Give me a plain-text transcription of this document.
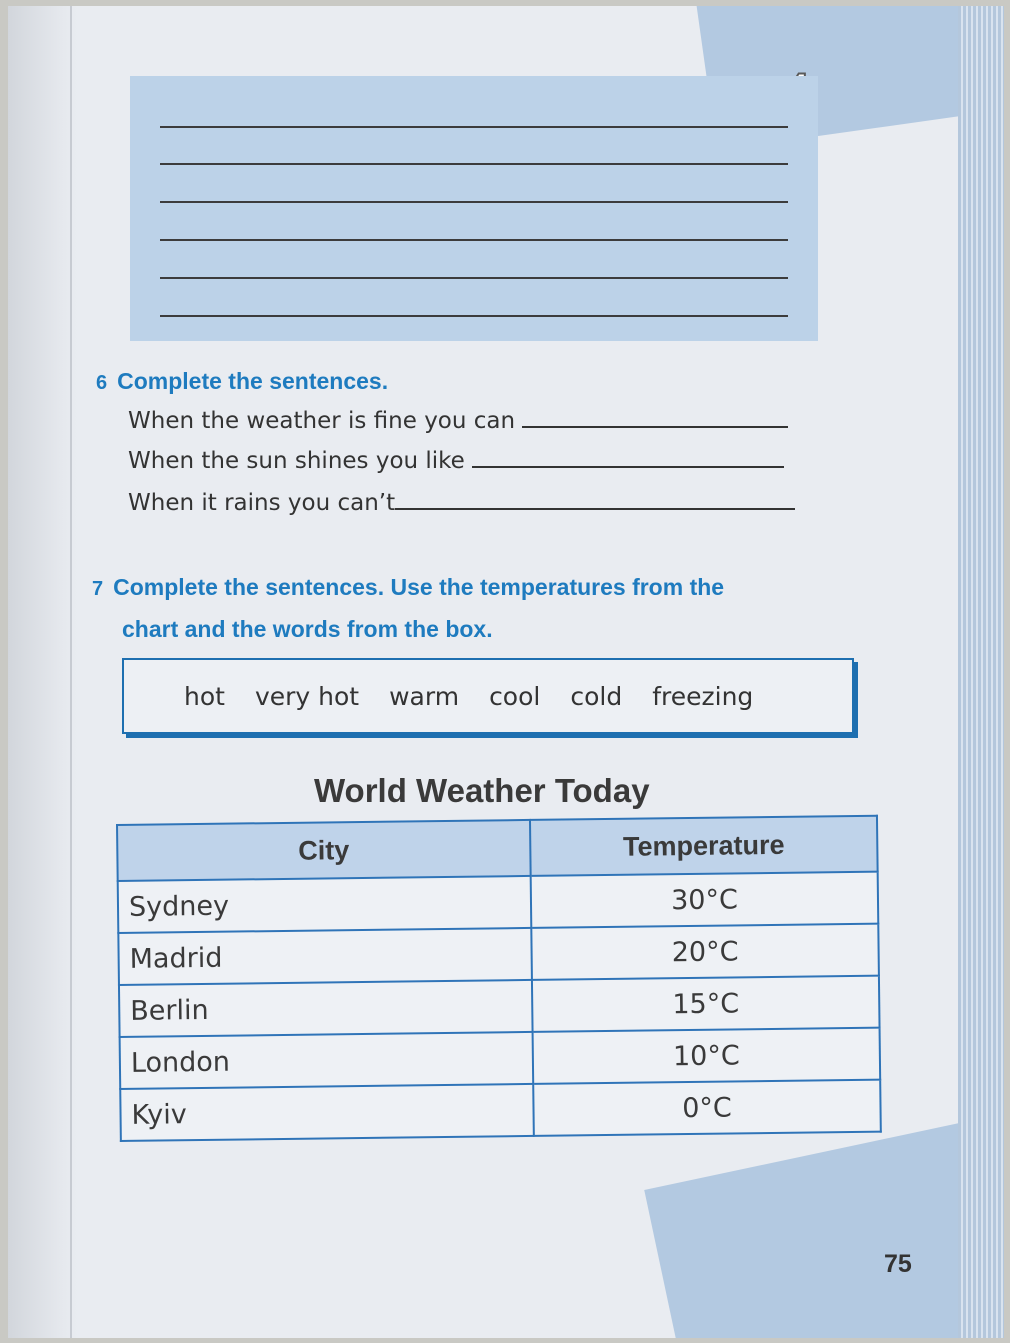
6 Complete the sentences.
When the weather is fine you can
When the sun shines you like
When it rains you can’t
7 Complete the sentences. Use the temperatures from the
chart and the words from the box.
hot very hot warm cool cold freezing
World Weather Today
City	Temperature
Sydney	30°C
Madrid	20°C
Berlin	15°C
London	10°C
Kyiv	0°C
75
